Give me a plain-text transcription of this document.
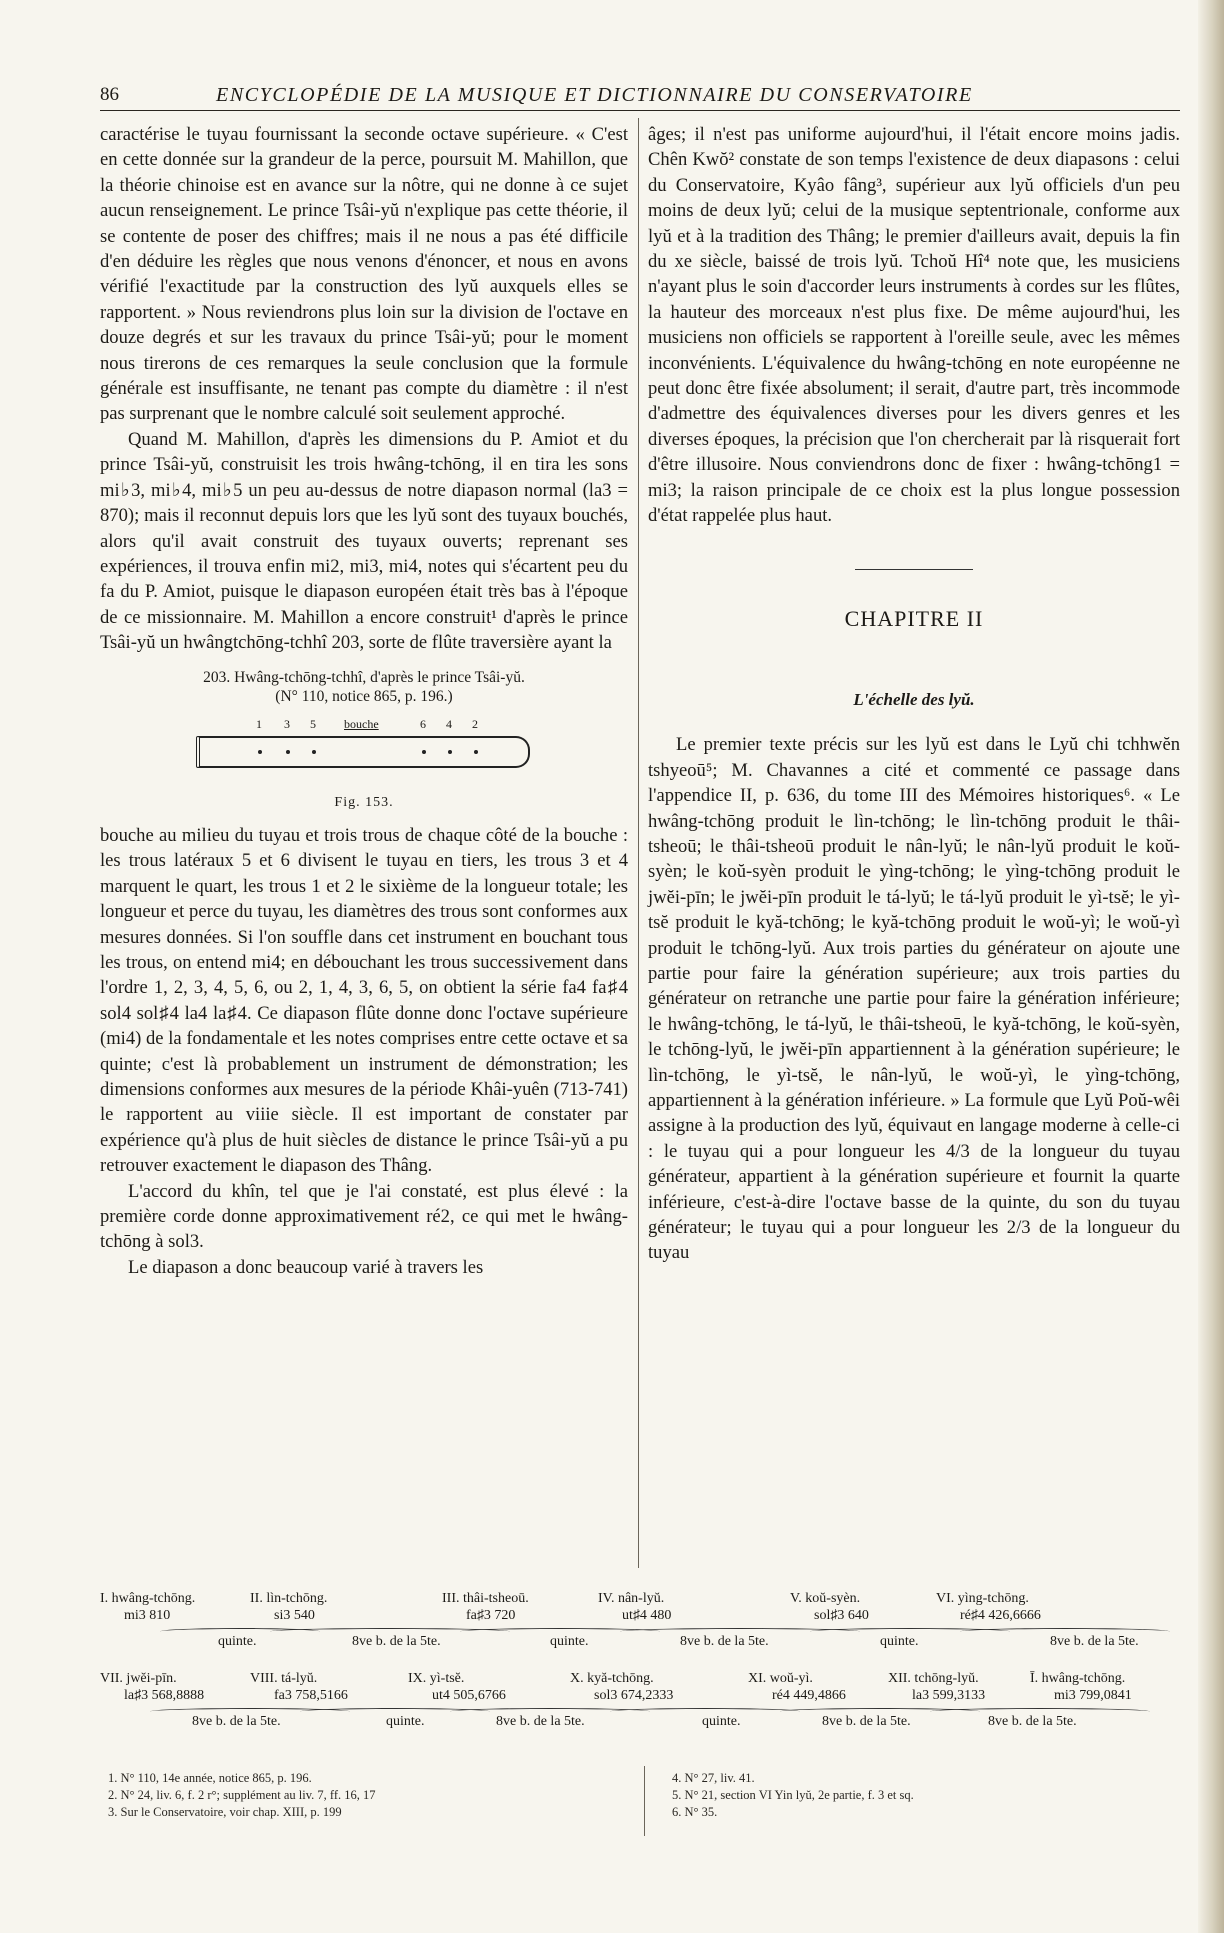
86	ENCYCLOPÉDIE DE LA MUSIQUE ET DICTIONNAIRE DU CONSERVATOIRE

caractérise le tuyau fournissant la seconde octave supérieure. « C'est en cette donnée sur la grandeur de la perce, poursuit M. Mahillon, que la théorie chinoise est en avance sur la nôtre, qui ne donne à ce sujet aucun renseignement. Le prince Tsâi-yŭ n'explique pas cette théorie, il se contente de poser des chiffres; mais il ne nous a pas été difficile d'en déduire les règles que nous venons d'énoncer, et nous en avons vérifié l'exactitude par la construction des lyŭ auxquels elles se rapportent. » Nous reviendrons plus loin sur la division de l'octave en douze degrés et sur les travaux du prince Tsâi-yŭ; pour le moment nous tirerons de ces remarques la seule conclusion que la formule générale est insuffisante, ne tenant pas compte du diamètre : il n'est pas surprenant que le nombre calculé soit seulement approché.

Quand M. Mahillon, d'après les dimensions du P. Amiot et du prince Tsâi-yŭ, construisit les trois hwâng-tchōng, il en tira les sons mi♭3, mi♭4, mi♭5 un peu au-dessus de notre diapason normal (la3 = 870); mais il reconnut depuis lors que les lyŭ sont des tuyaux bouchés, alors qu'il avait construit des tuyaux ouverts; reprenant ses expériences, il trouva enfin mi2, mi3, mi4, notes qui s'écartent peu du fa du P. Amiot, puisque le diapason européen était très bas à l'époque de ce missionnaire. M. Mahillon a encore construit¹ d'après le prince Tsâi-yŭ un hwângtchōng-tchhî 203, sorte de flûte traversière ayant la

203. Hwâng-tchōng-tchhî, d'après le prince Tsâi-yŭ.
(N° 110, notice 865, p. 196.)
1 3 5 bouche	6 4 2
Fig. 153.

bouche au milieu du tuyau et trois trous de chaque côté de la bouche : les trous latéraux 5 et 6 divisent le tuyau en tiers, les trous 3 et 4 marquent le quart, les trous 1 et 2 le sixième de la longueur totale; les longueur et perce du tuyau, les diamètres des trous sont conformes aux mesures données. Si l'on souffle dans cet instrument en bouchant tous les trous, on entend mi4; en débouchant les trous successivement dans l'ordre 1, 2, 3, 4, 5, 6, ou 2, 1, 4, 3, 6, 5, on obtient la série fa4 fa♯4 sol4 sol♯4 la4 la♯4. Ce diapason flûte donne donc l'octave supérieure (mi4) de la fondamentale et les notes comprises entre cette octave et sa quinte; c'est là probablement un instrument de démonstration; les dimensions conformes aux mesures de la période Khâi-yuên (713-741) le rapportent au viiie siècle. Il est important de constater par expérience qu'à plus de huit siècles de distance le prince Tsâi-yŭ a pu retrouver exactement le diapason des Thâng.

L'accord du khîn, tel que je l'ai constaté, est plus élevé : la première corde donne approximativement ré2, ce qui met le hwâng-tchōng à sol3.

Le diapason a donc beaucoup varié à travers les

âges; il n'est pas uniforme aujourd'hui, il l'était encore moins jadis. Chên Kwŏ² constate de son temps l'existence de deux diapasons : celui du Conservatoire, Kyâo fâng³, supérieur aux lyŭ officiels d'un peu moins de deux lyŭ; celui de la musique septentrionale, conforme aux lyŭ et à la tradition des Thâng; le premier d'ailleurs avait, depuis la fin du xe siècle, baissé de trois lyŭ. Tchoŭ Hî⁴ note que, les musiciens n'ayant plus le soin d'accorder leurs instruments à cordes sur les flûtes, la hauteur des morceaux n'est plus fixe. De même aujourd'hui, les musiciens non officiels se rapportent à l'oreille seule, avec les mêmes inconvénients. L'équivalence du hwâng-tchōng en note européenne ne peut donc être fixée absolument; il serait, d'autre part, très incommode d'admettre des équivalences diverses pour les divers genres et les diverses époques, la précision que l'on chercherait par là risquerait fort d'être illusoire. Nous conviendrons donc de fixer : hwâng-tchōng1 = mi3; la raison principale de ce choix est la plus longue possession d'état rappelée plus haut.

CHAPITRE II
L'échelle des lyŭ.

Le premier texte précis sur les lyŭ est dans le Lyŭ chi tchhwĕn tshyeoū⁵; M. Chavannes a cité et commenté ce passage dans l'appendice II, p. 636, du tome III des Mémoires historiques⁶. « Le hwâng-tchōng produit le lìn-tchōng; le lìn-tchōng produit le thâi-tsheoū; le thâi-tsheoū produit le nân-lyŭ; le nân-lyŭ produit le koŭ-syèn; le koŭ-syèn produit le yìng-tchōng; le yìng-tchōng produit le jwĕi-pīn; le jwĕi-pīn produit le tá-lyŭ; le tá-lyŭ produit le yì-tsĕ; le yì-tsĕ produit le kyă-tchōng; le kyă-tchōng produit le woŭ-yì; le woŭ-yì produit le tchōng-lyŭ. Aux trois parties du générateur on ajoute une partie pour faire la génération supérieure; aux trois parties du générateur on retranche une partie pour faire la génération inférieure; le hwâng-tchōng, le tá-lyŭ, le thâi-tsheoū, le kyă-tchōng, le koŭ-syèn, le tchōng-lyŭ, le jwĕi-pīn appartiennent à la génération supérieure; le lìn-tchōng, le yì-tsĕ, le nân-lyŭ, le woŭ-yì, le yìng-tchōng, appartiennent à la génération inférieure. » La formule que Lyŭ Poŭ-wêi assigne à la production des lyŭ, équivaut en langage moderne à celle-ci : le tuyau qui a pour longueur les 4/3 de la longueur du tuyau générateur, appartient à la génération supérieure et fournit la quarte inférieure, c'est-à-dire l'octave basse de la quinte, du son du tuyau générateur; le tuyau qui a pour longueur les 2/3 de la longueur du tuyau

I. hwâng-tchōng.
mi3 810
II. lìn-tchōng.
si3 540
III. thâi-tsheoū.
fa♯3 720
IV. nân-lyŭ.
ut♯4 480
V. koŭ-syèn.
sol♯3 640
VI. yìng-tchōng.
ré♯4 426,6666
quinte.	8ve b. de la 5te.	quinte.	8ve b. de la 5te.	quinte.	8ve b. de la 5te.
VII. jwĕi-pīn.
la♯3 568,8888
VIII. tá-lyŭ.
fa3 758,5166
IX. yì-tsĕ.
ut4 505,6766
X. kyă-tchōng.
sol3 674,2333
XI. woŭ-yì.
ré4 449,4866
XII. tchōng-lyŭ.
la3 599,3133
Ī. hwâng-tchōng.
mi3 799,0841
8ve b. de la 5te.	quinte.	8ve b. de la 5te.	quinte.	8ve b. de la 5te.	8ve b. de la 5te.
1. N° 110, 14e année, notice 865, p. 196.
2. N° 24, liv. 6, f. 2 r°; supplément au liv. 7, ff. 16, 17
3. Sur le Conservatoire, voir chap. XIII, p. 199
4. N° 27, liv. 41.
5. N° 21, section VI Yin lyŭ, 2e partie, f. 3 et sq.
6. N° 35.
